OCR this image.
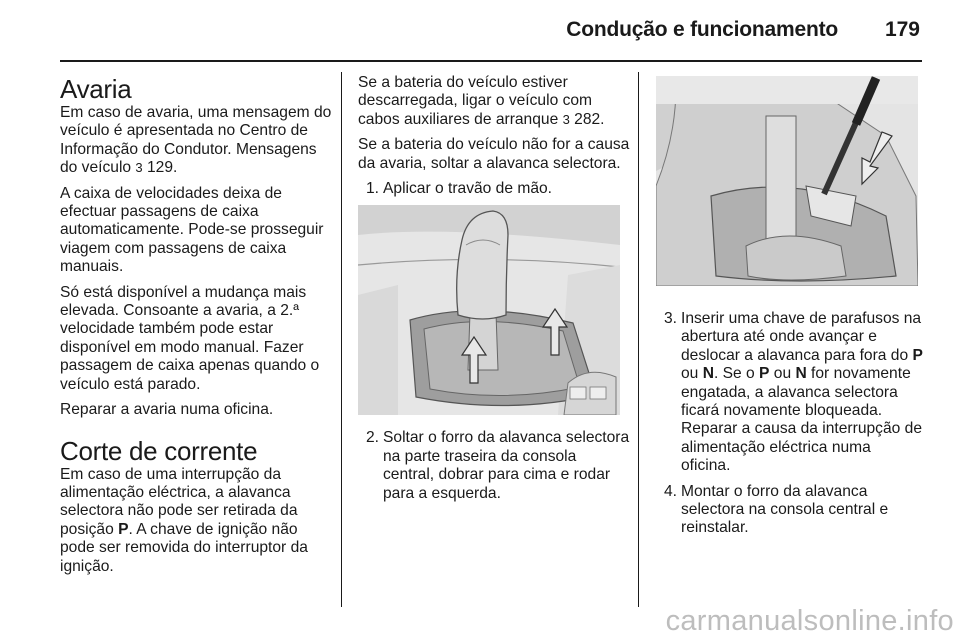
Condução e funcionamento 179
Avaria

Em caso de avaria, uma mensagem do veículo é apresentada no Centro de Informação do Condutor. Mensagens do veículo 3 129.

A caixa de velocidades deixa de efectuar passagens de caixa automaticamente. Pode-se prosseguir viagem com passagens de caixa manuais.

Só está disponível a mudança mais elevada. Consoante a avaria, a 2.ª velocidade também pode estar disponível em modo manual. Fazer passagem de caixa apenas quando o veículo está parado.

Reparar a avaria numa oficina.

Corte de corrente

Em caso de uma interrupção da alimentação eléctrica, a alavanca selectora não pode ser retirada da posição P. A chave de ignição não pode ser removida do interruptor da ignição.

Se a bateria do veículo estiver descarregada, ligar o veículo com cabos auxiliares de arranque 3 282.

Se a bateria do veículo não for a causa da avaria, soltar a alavanca selectora.

1. Aplicar o travão de mão.
2. Soltar o forro da alavanca selectora na parte traseira da consola central, dobrar para cima e rodar para a esquerda.
3. Inserir uma chave de parafusos na abertura até onde avançar e deslocar a alavanca para fora do P ou N. Se o P ou N for novamente engatada, a alavanca selectora ficará novamente bloqueada. Reparar a causa da interrupção de alimentação eléctrica numa oficina.
4. Montar o forro da alavanca selectora na consola central e reinstalar.
carmanualsonline.info
